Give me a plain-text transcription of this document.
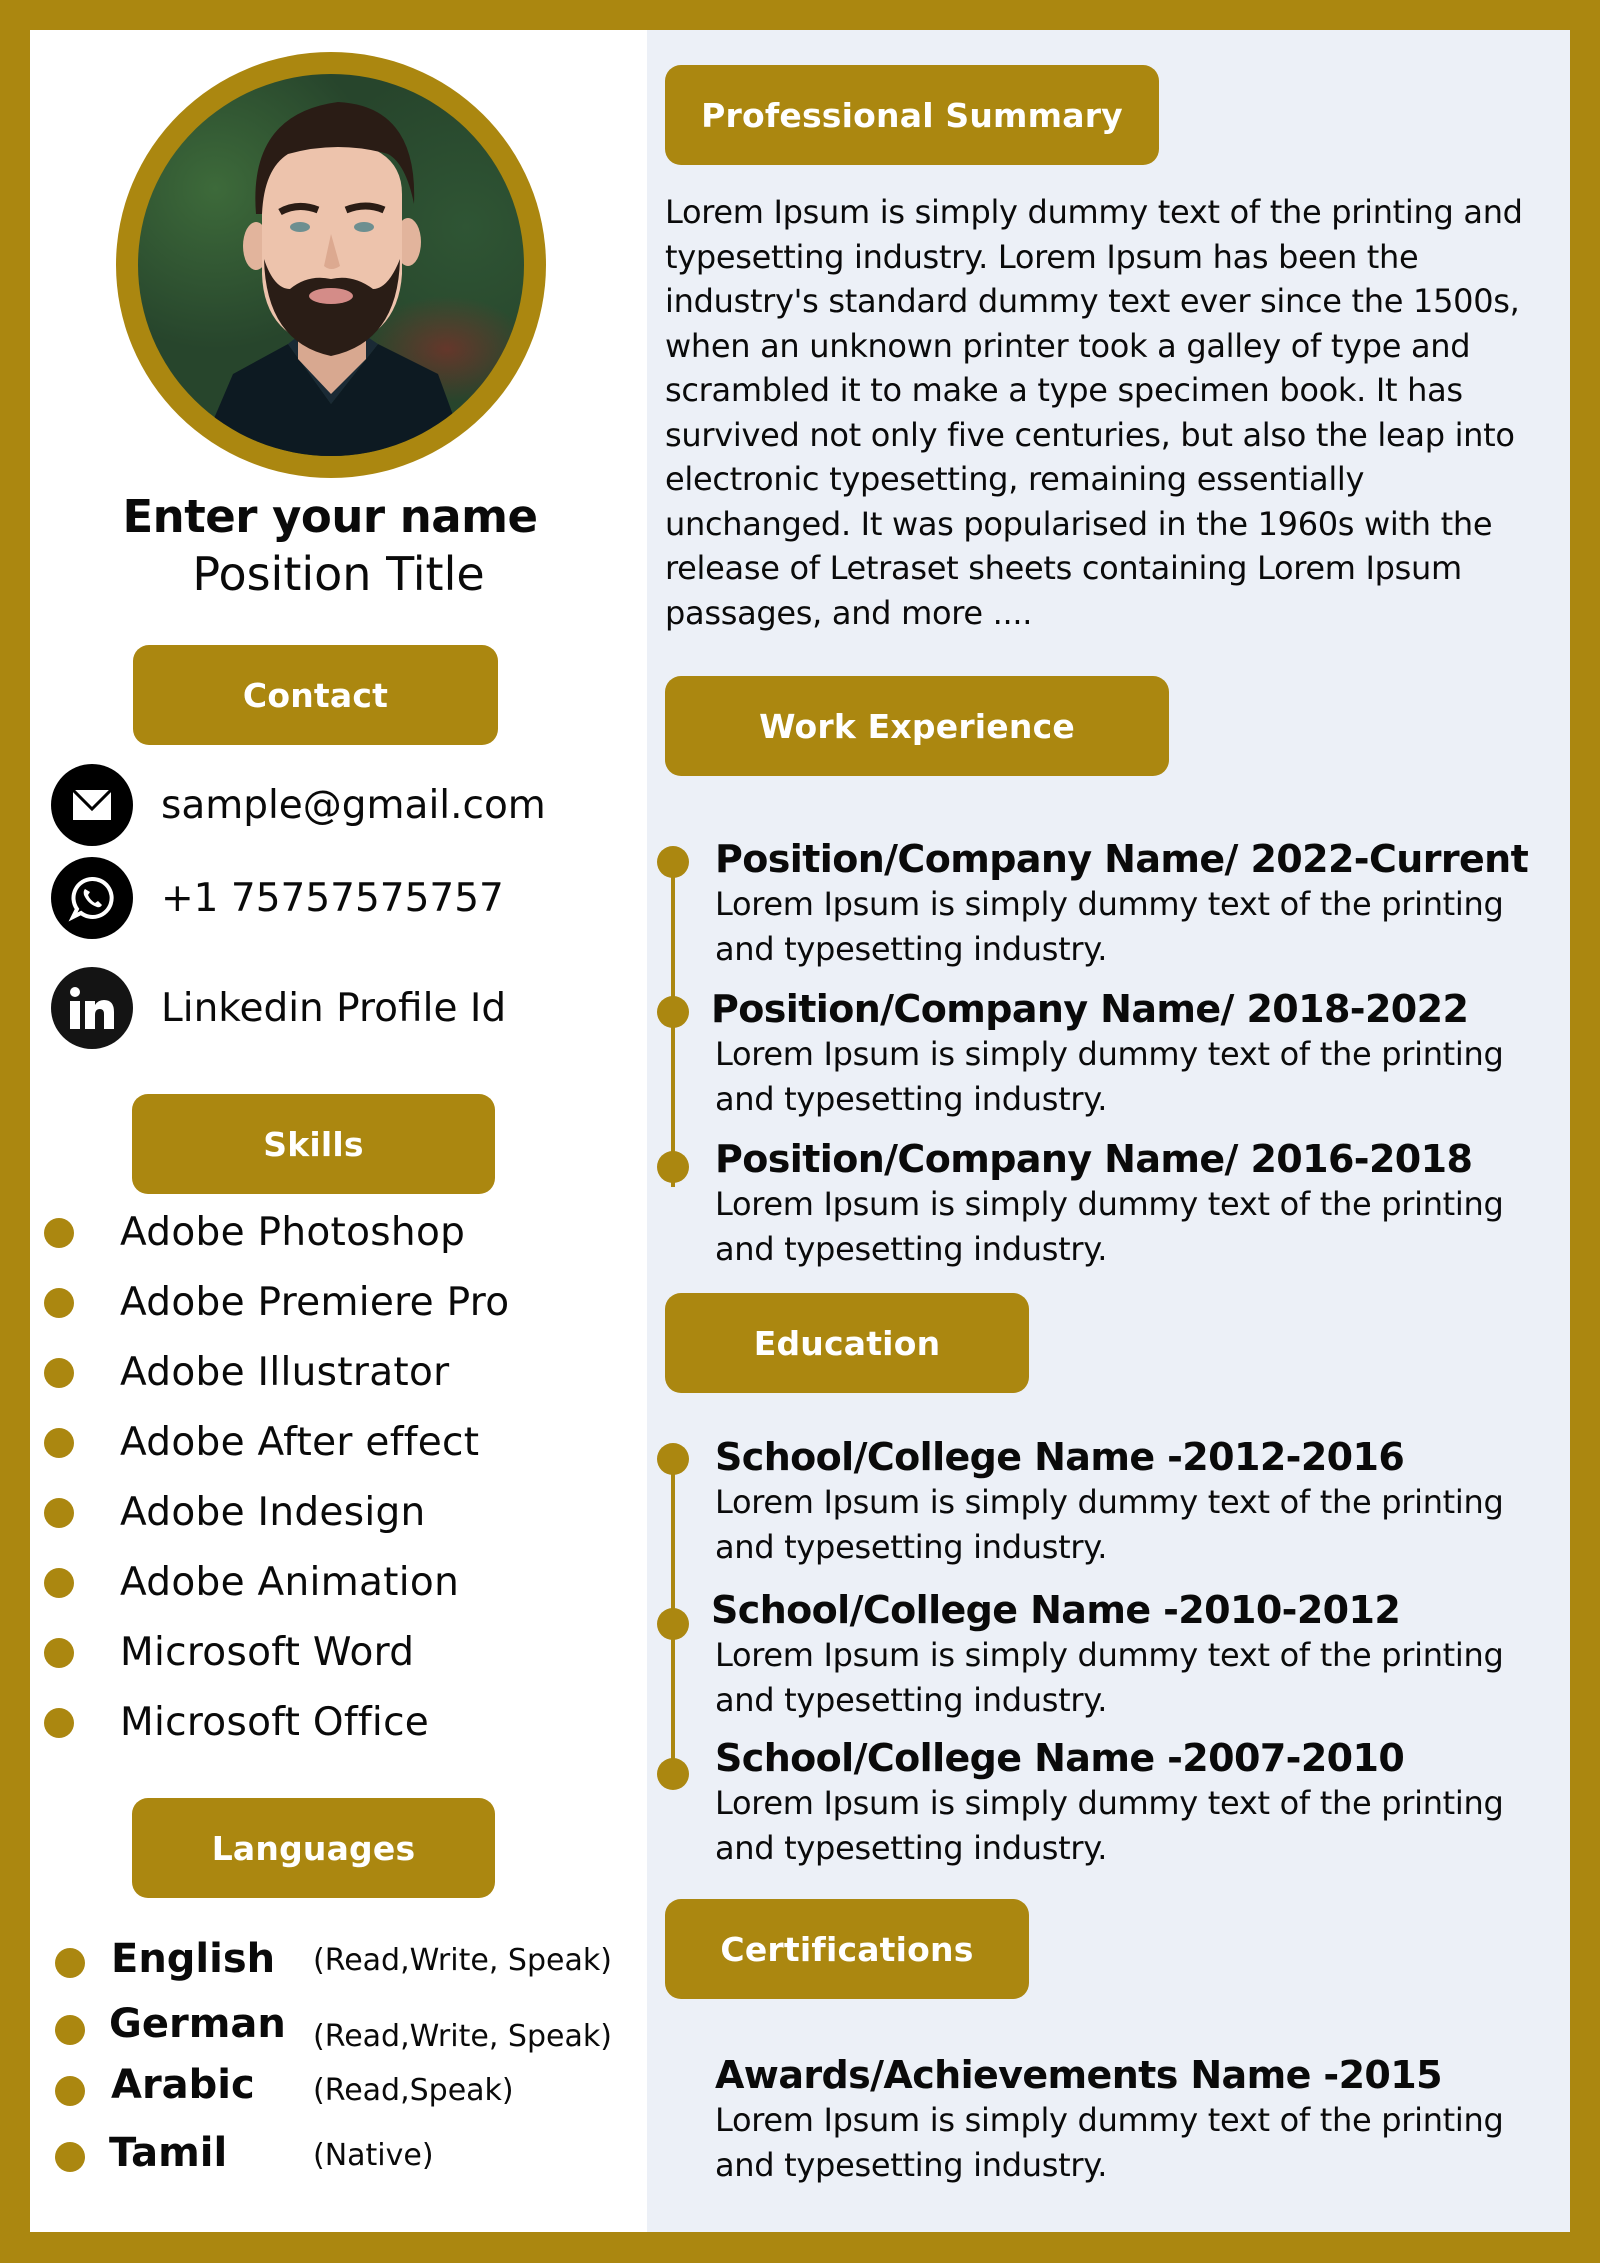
Enter your name
Position Title
Contact
sample@gmail.com
+1 75757575757
Linkedin Profile Id
Skills
Adobe Photoshop
Adobe Premiere Pro
Adobe Illustrator
Adobe After effect
Adobe Indesign
Adobe Animation
Microsoft Word
Microsoft Office
Languages
English (Read,Write, Speak)
German (Read,Write, Speak)
Arabic (Read,Speak)
Tamil	(Native)
Professional Summary
Lorem Ipsum is simply dummy text of the printing and typesetting industry. Lorem Ipsum has been the industry's standard dummy text ever since the 1500s, when an unknown printer took a galley of type and scrambled it to make a type specimen book. It has survived not only five centuries, but also the leap into electronic typesetting, remaining essentially unchanged. It was popularised in the 1960s with the release of Letraset sheets containing Lorem Ipsum passages, and more ....
Work Experience
Position/Company Name/ 2022-Current
Lorem Ipsum is simply dummy text of the printing and typesetting industry.
Position/Company Name/ 2018-2022
Lorem Ipsum is simply dummy text of the printing and typesetting industry.
Position/Company Name/ 2016-2018
Lorem Ipsum is simply dummy text of the printing and typesetting industry.
Education
School/College Name -2012-2016
Lorem Ipsum is simply dummy text of the printing and typesetting industry.
School/College Name -2010-2012
Lorem Ipsum is simply dummy text of the printing and typesetting industry.
School/College Name -2007-2010
Lorem Ipsum is simply dummy text of the printing and typesetting industry.
Certifications
Awards/Achievements Name -2015
Lorem Ipsum is simply dummy text of the printing and typesetting industry.
